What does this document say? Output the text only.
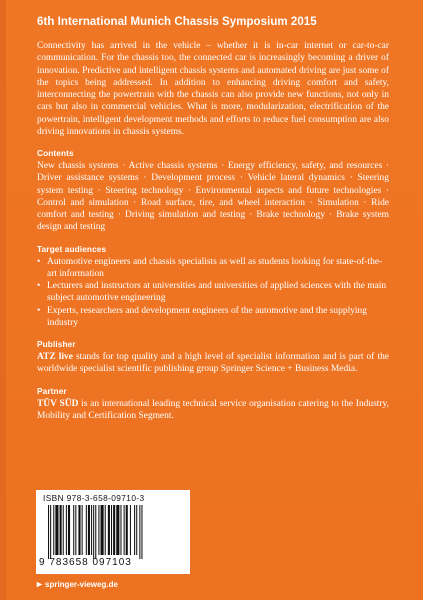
6th International Munich Chassis Symposium 2015

Connectivity has arrived in the vehicle – whether it is in-car internet or car-to-car communication. For the chassis too, the connected car is increasingly becoming a driver of innovation. Predictive and intelligent chassis systems and automated driving are just some of the topics being addressed. In addition to enhancing driving comfort and safety, interconnecting the powertrain with the chassis can also provide new functions, not only in cars but also in commercial vehicles. What is more, modularization, electrification of the powertrain, intelligent development methods and efforts to reduce fuel consumption are also driving innovations in chassis systems.

Contents

New chassis systems · Active chassis systems · Energy efficiency, safety, and resources · Driver assistance systems · Development process · Vehicle lateral dynamics · Steering system testing · Steering technology · Environmental aspects and future technologies · Control and simulation · Road surface, tire, and wheel interaction · Simulation · Ride comfort and testing · Driving simulation and testing · Brake technology · Brake system design and testing

Target audiences
• Automotive engineers and chassis specialists as well as students looking for state-of-the-art information
• Lecturers and instructors at universities and universities of applied sciences with the main subject automotive engineering
• Experts, researchers and development engineers of the automotive and the supplying industry
Publisher

ATZ live stands for top quality and a high level of specialist information and is part of the worldwide specialist scientific publishing group Springer Science + Business Media.

Partner

TÜV SÜD is an international leading technical service organisation catering to the Industry, Mobility and Certification Segment.

ISBN 978-3-658-09710-3
9 783658 097103
springer-vieweg.de
